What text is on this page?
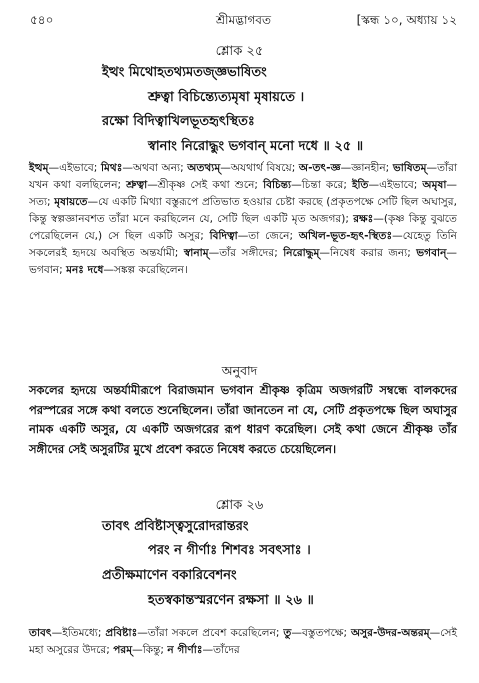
৫৪০	শ্রীমদ্ভাগবত	[স্কন্ধ ১০, অধ্যায় ১২
শ্লোক ২৫
ইত্থং মিথোহতথ্যমতজ্জ্ঞভাষিতং
শ্রুত্বা বিচিন্ত্যেত্যমৃষা মৃষায়তে ।
রক্ষো বিদিত্বাখিলভূতহৃৎস্থিতঃ
স্বানাং নিরোদ্ধুং ভগবান্ মনো দধে ॥ ২৫ ॥
ইত্থম্—এইভাবে; মিথঃ—অথবা অন্য; অতথ্যম্—অযথার্থ বিষয়ে; অ-তৎ-জ্ঞ—জ্ঞানহীন; ভাষিতম্—তাঁরা যখন কথা বলছিলেন; শ্রুত্বা—শ্রীকৃষ্ণ সেই কথা শুনে; বিচিন্ত্য—চিন্তা করে; ইতি—এইভাবে; অমৃষা—সত্য; মৃষায়তে—যে একটি মিথ্যা বস্তুরূপে প্রতিভাত হওয়ার চেষ্টা করছে (প্রকৃতপক্ষে সেটি ছিল অঘাসুর, কিন্তু স্বল্পজ্ঞানবশত তাঁরা মনে করছিলেন যে, সেটি ছিল একটি মৃত অজগর); রক্ষঃ—(কৃষ্ণ কিন্তু বুঝতে পেরেছিলেন যে,) সে ছিল একটি অসুর; বিদিত্বা—তা জেনে; অখিল-ভূত-হৃৎ-স্থিতঃ—যেহেতু তিনি সকলেরই হৃদয়ে অবস্থিত অন্তর্যামী; স্বানাম্—তাঁর সঙ্গীদের; নিরোদ্ধুম্—নিষেধ করার জন্য; ভগবান্—ভগবান; মনঃ দধে—সঙ্কল্প করেছিলেন।
অনুবাদ
সকলের হৃদয়ে অন্তর্যামীরূপে বিরাজমান ভগবান শ্রীকৃষ্ণ কৃত্রিম অজগরটি সম্বন্ধে বালকদের পরস্পরের সঙ্গে কথা বলতে শুনেছিলেন। তাঁরা জানতেন না যে, সেটি প্রকৃতপক্ষে ছিল অঘাসুর নামক একটি অসুর, যে একটি অজগরের রূপ ধারণ করেছিল। সেই কথা জেনে শ্রীকৃষ্ণ তাঁর সঙ্গীদের সেই অসুরটির মুখে প্রবেশ করতে নিষেধ করতে চেয়েছিলেন।
শ্লোক ২৬
তাবৎ প্রবিষ্টাস্ত্বসুরোদরান্তরং
পরং ন গীর্ণাঃ শিশবঃ সবৎসাঃ ।
প্রতীক্ষমাণেন বকারিবেশনং
হতস্বকান্তস্মরণেন রক্ষসা ॥ ২৬ ॥
তাবৎ—ইতিমধ্যে; প্রবিষ্টাঃ—তাঁরা সকলে প্রবেশ করেছিলেন; তু—বস্তুতপক্ষে; অসুর-উদর-অন্তরম্—সেই মহা অসুরের উদরে; পরম্—কিন্তু; ন গীর্ণাঃ—তাঁদের
